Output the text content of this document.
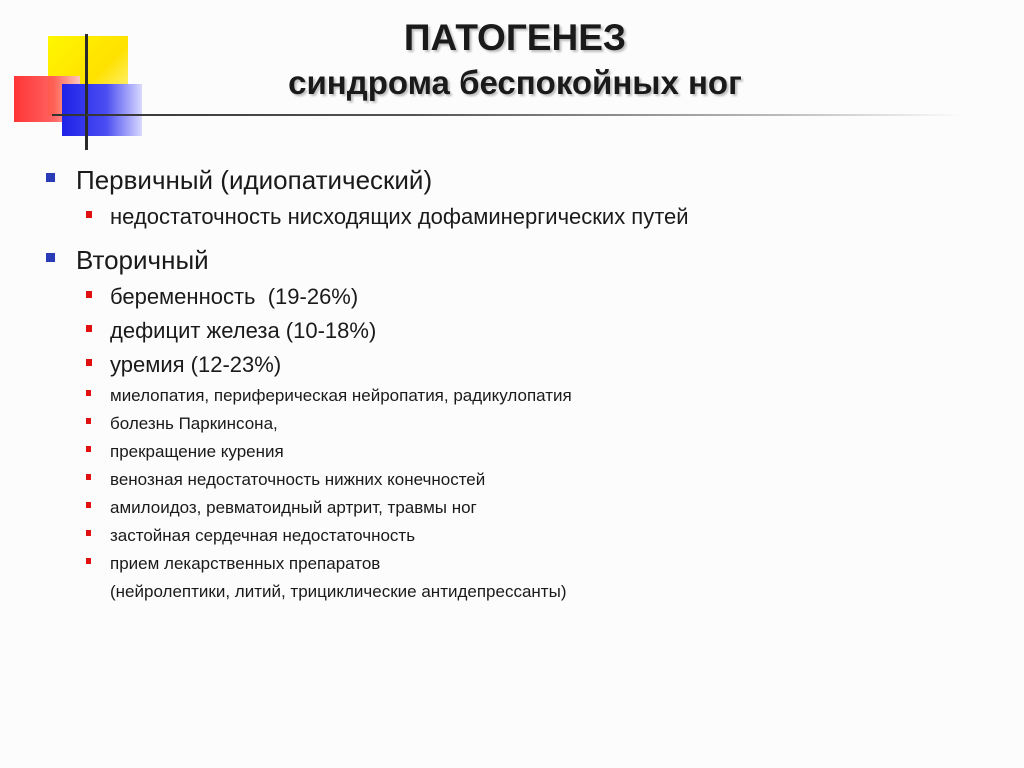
ПАТОГЕНЕЗ

синдрома беспокойных ног

Первичный (идиопатический)
недостаточность нисходящих дофаминергических путей
Вторичный
беременность  (19-26%)
дефицит железа (10-18%)
уремия (12-23%)
миелопатия, периферическая нейропатия, радикулопатия
болезнь Паркинсона,
прекращение курения
венозная недостаточность нижних конечностей
амилоидоз, ревматоидный артрит, травмы ног
застойная сердечная недостаточность
прием лекарственных препаратов
(нейролептики, литий, трициклические антидепрессанты)
